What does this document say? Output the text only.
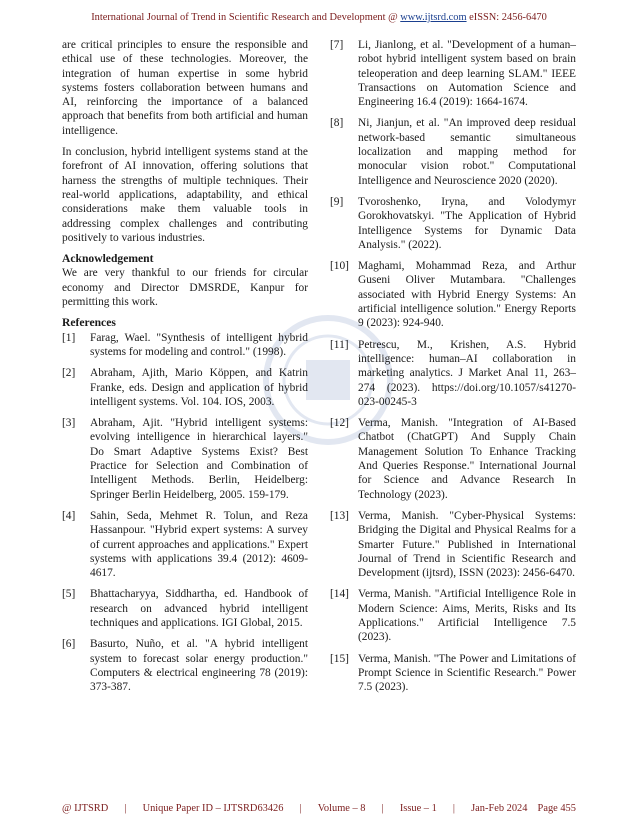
International Journal of Trend in Scientific Research and Development @ www.ijtsrd.com eISSN: 2456-6470

are critical principles to ensure the responsible and ethical use of these technologies. Moreover, the integration of human expertise in some hybrid systems fosters collaboration between humans and AI, reinforcing the importance of a balanced approach that benefits from both artificial and human intelligence.

In conclusion, hybrid intelligent systems stand at the forefront of AI innovation, offering solutions that harness the strengths of multiple techniques. Their real-world applications, adaptability, and ethical considerations make them valuable tools in addressing complex challenges and contributing positively to various industries.

Acknowledgement

We are very thankful to our friends for circular economy and Director DMSRDE, Kanpur for permitting this work.

References
[1]	Farag, Wael. "Synthesis of intelligent hybrid systems for modeling and control." (1998).
[2]	Abraham, Ajith, Mario Köppen, and Katrin Franke, eds. Design and application of hybrid intelligent systems. Vol. 104. IOS, 2003.
[3]	Abraham, Ajit. "Hybrid intelligent systems: evolving intelligence in hierarchical layers." Do Smart Adaptive Systems Exist? Best Practice for Selection and Combination of Intelligent Methods. Berlin, Heidelberg: Springer Berlin Heidelberg, 2005. 159-179.
[4]	Sahin, Seda, Mehmet R. Tolun, and Reza Hassanpour. "Hybrid expert systems: A survey of current approaches and applications." Expert systems with applications 39.4 (2012): 4609-4617.
[5]	Bhattacharyya, Siddhartha, ed. Handbook of research on advanced hybrid intelligent techniques and applications. IGI Global, 2015.
[6]	Basurto, Nuño, et al. "A hybrid intelligent system to forecast solar energy production." Computers & electrical engineering 78 (2019): 373-387.
[7]	Li, Jianlong, et al. "Development of a human–robot hybrid intelligent system based on brain teleoperation and deep learning SLAM." IEEE Transactions on Automation Science and Engineering 16.4 (2019): 1664-1674.
[8]	Ni, Jianjun, et al. "An improved deep residual network-based semantic simultaneous localization and mapping method for monocular vision robot." Computational Intelligence and Neuroscience 2020 (2020).
[9]	Tvoroshenko, Iryna, and Volodymyr Gorokhovatskyi. "The Application of Hybrid Intelligence Systems for Dynamic Data Analysis." (2022).
[10] Maghami, Mohammad Reza, and Arthur Guseni Oliver Mutambara. "Challenges associated with Hybrid Energy Systems: An artificial intelligence solution." Energy Reports 9 (2023): 924-940.
[11] Petrescu, M., Krishen, A.S. Hybrid intelligence: human–AI collaboration in marketing analytics. J Market Anal 11, 263–274 (2023). https://doi.org/10.1057/s41270-023-00245-3
[12] Verma, Manish. "Integration of AI-Based Chatbot (ChatGPT) And Supply Chain Management Solution To Enhance Tracking And Queries Response." International Journal for Science and Advance Research In Technology (2023).
[13] Verma, Manish. "Cyber-Physical Systems: Bridging the Digital and Physical Realms for a Smarter Future." Published in International Journal of Trend in Scientific Research and Development (ijtsrd), ISSN (2023): 2456-6470.
[14] Verma, Manish. "Artificial Intelligence Role in Modern Science: Aims, Merits, Risks and Its Applications." Artificial Intelligence 7.5 (2023).
[15] Verma, Manish. "The Power and Limitations of Prompt Science in Scientific Research." Power 7.5 (2023).
@ IJTSRD | Unique Paper ID – IJTSRD63426 | Volume – 8 | Issue – 1 | Jan-Feb 2024 Page 455
